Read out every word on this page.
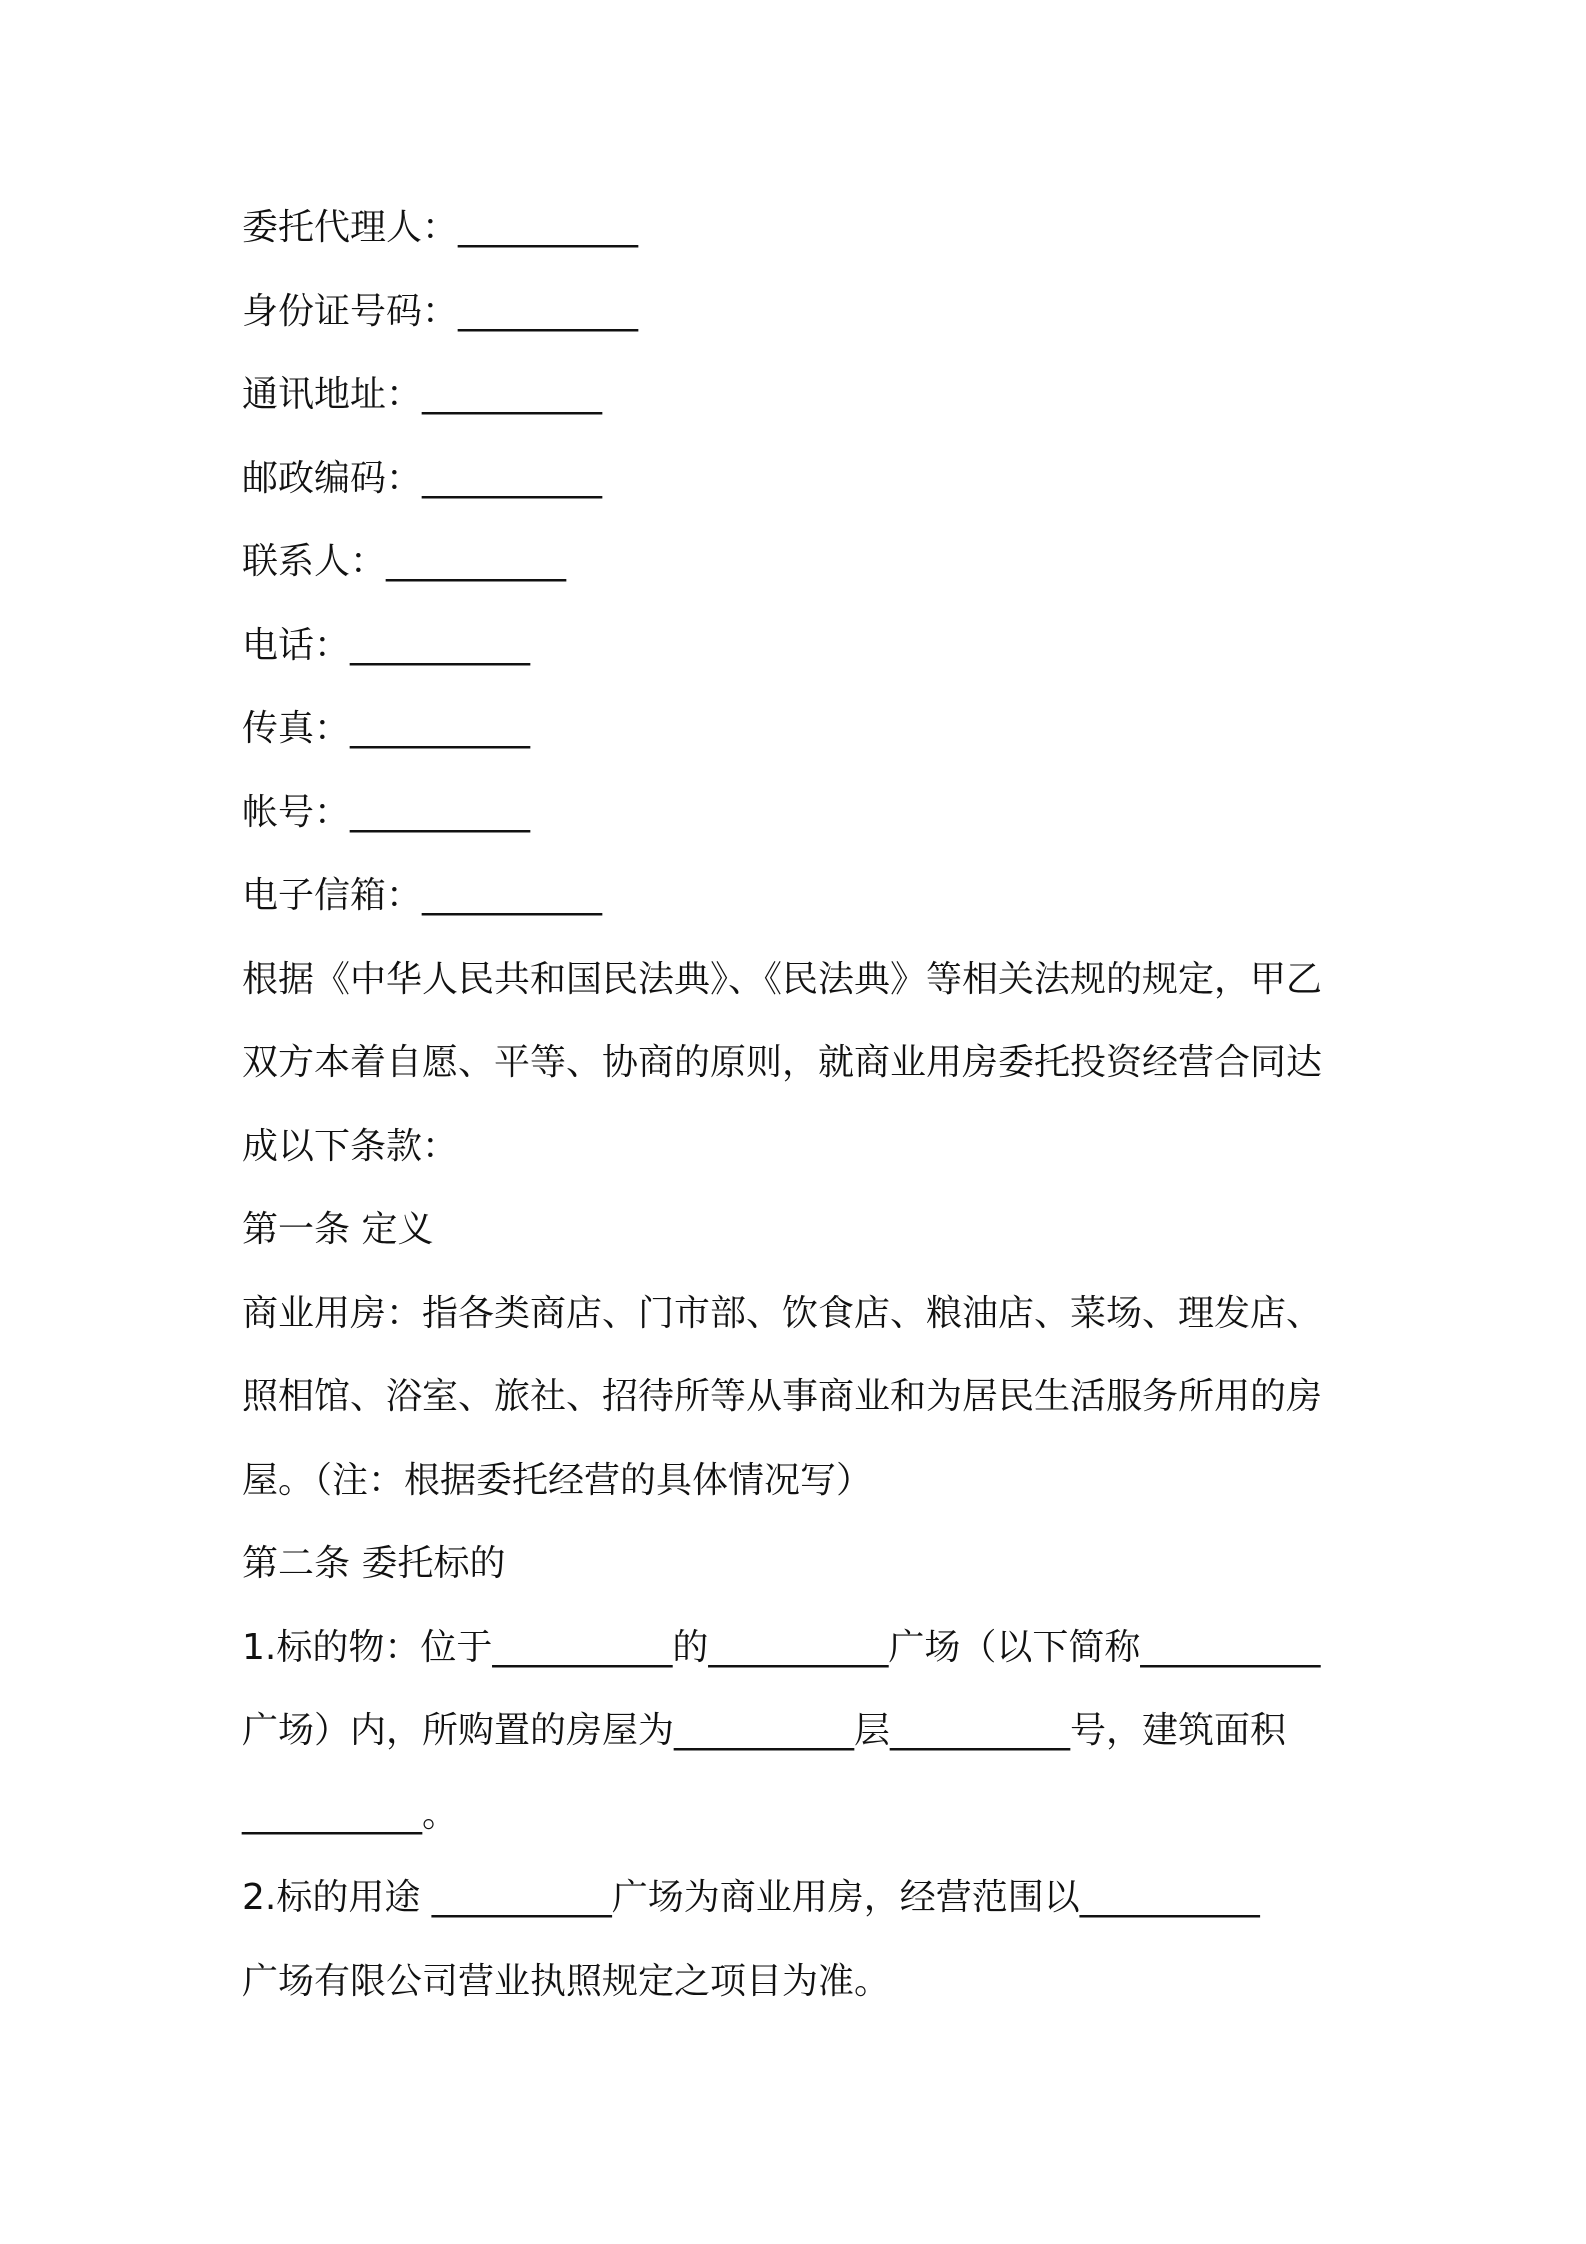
委托代理人：__________
身份证号码：__________
通讯地址：__________
邮政编码：__________
联系人：__________
电话：__________
传真：__________
帐号：__________
电子信箱：__________
根据《中华人民共和国民法典》、《民法典》等相关法规的规定，甲乙
双方本着自愿、平等、协商的原则，就商业用房委托投资经营合同达
成以下条款：
第一条 定义
商业用房：指各类商店、门市部、饮食店、粮油店、菜场、理发店、
照相馆、浴室、旅社、招待所等从事商业和为居民生活服务所用的房
屋。（注：根据委托经营的具体情况写）
第二条 委托标的
1.标的物：位于__________的__________广场（以下简称__________
广场）内，所购置的房屋为__________层__________号，建筑面积
__________。
2.标的用途 __________广场为商业用房，经营范围以__________
广场有限公司营业执照规定之项目为准。
